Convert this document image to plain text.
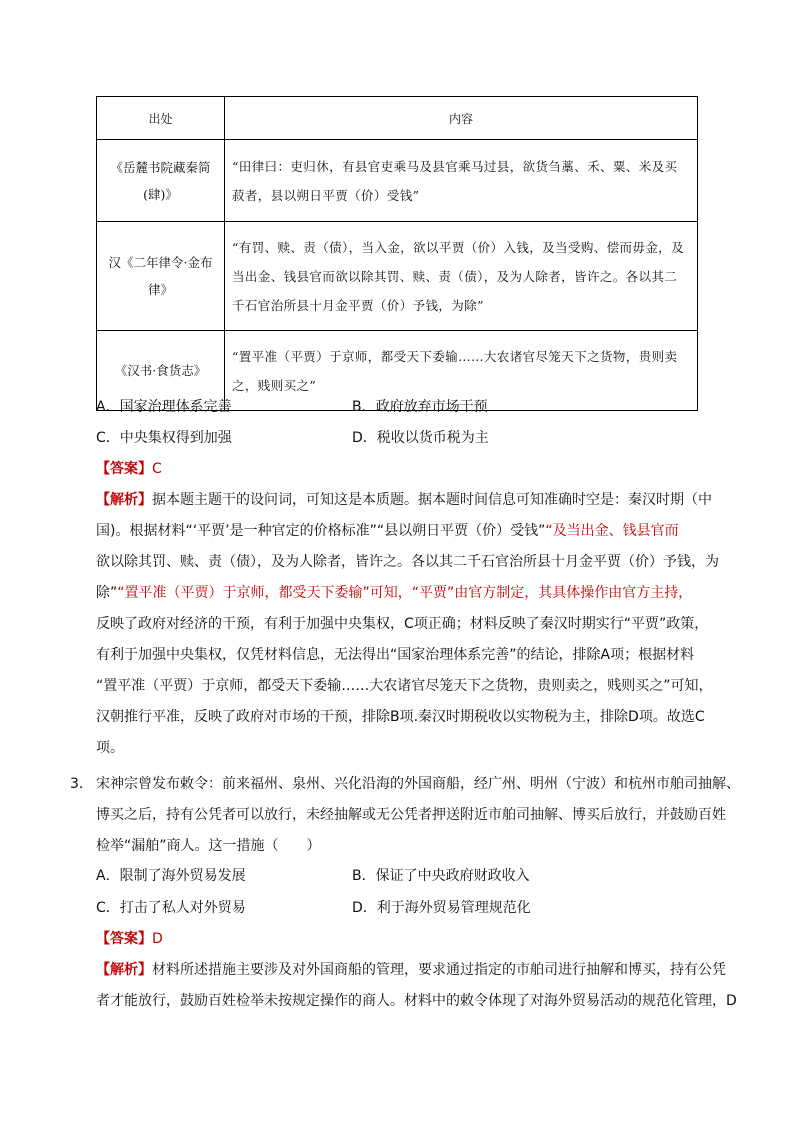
出处	内容
《岳麓书院藏秦简(肆)》	“田律曰：吏归休，有县官吏乘马及县官乘马过县，欲货刍藁、禾、粟、米及买菽者，县以朔日平贾（价）受钱”
汉《二年律令·金布律》	“有罚、赎、责（债），当入金，欲以平贾（价）入钱，及当受购、偿而毋金，及当出金、钱县官而欲以除其罚、赎、责（债），及为人除者，皆许之。各以其二千石官治所县十月金平贾（价）予钱，为除”
《汉书·食货志》	“置平准（平贾）于京师，都受天下委输……大农诸官尽笼天下之货物，贵则卖之，贱则买之”
A．国家治理体系完善	B．政府放弃市场干预
C．中央集权得到加强	D．税收以货币税为主
【答案】C
【解析】据本题主题干的设问词，可知这是本质题。据本题时间信息可知准确时空是：秦汉时期（中
国)。根据材料“‘平贾’是一种官定的价格标准”“县以朔日平贾（价）受钱”“及当出金、钱县官而
欲以除其罚、赎、责（债），及为人除者，皆许之。各以其二千石官治所县十月金平贾（价）予钱，为
除”“置平准（平贾）于京师，都受天下委输”可知，“平贾”由官方制定，其具体操作由官方主持，
反映了政府对经济的干预，有利于加强中央集权，C项正确；材料反映了秦汉时期实行“平贾”政策，
有利于加强中央集权，仅凭材料信息，无法得出“国家治理体系完善”的结论，排除A项；根据材料
“置平准（平贾）于京师，都受天下委输……大农诸官尽笼天下之货物，贵则卖之，贱则买之”可知，
汉朝推行平准，反映了政府对市场的干预，排除B项.秦汉时期税收以实物税为主，排除D项。故选C
项。
3． 宋神宗曾发布敕令：前来福州、泉州、兴化沿海的外国商船，经广州、明州（宁波）和杭州市舶司抽解、
博买之后，持有公凭者可以放行，未经抽解或无公凭者押送附近市舶司抽解、博买后放行，并鼓励百姓
检举“漏舶”商人。这一措施（　　）
A．限制了海外贸易发展	B．保证了中央政府财政收入
C．打击了私人对外贸易	D．利于海外贸易管理规范化
【答案】D
【解析】材料所述措施主要涉及对外国商船的管理，要求通过指定的市舶司进行抽解和博买，持有公凭
者才能放行，鼓励百姓检举未按规定操作的商人。材料中的敕令体现了对海外贸易活动的规范化管理，D
